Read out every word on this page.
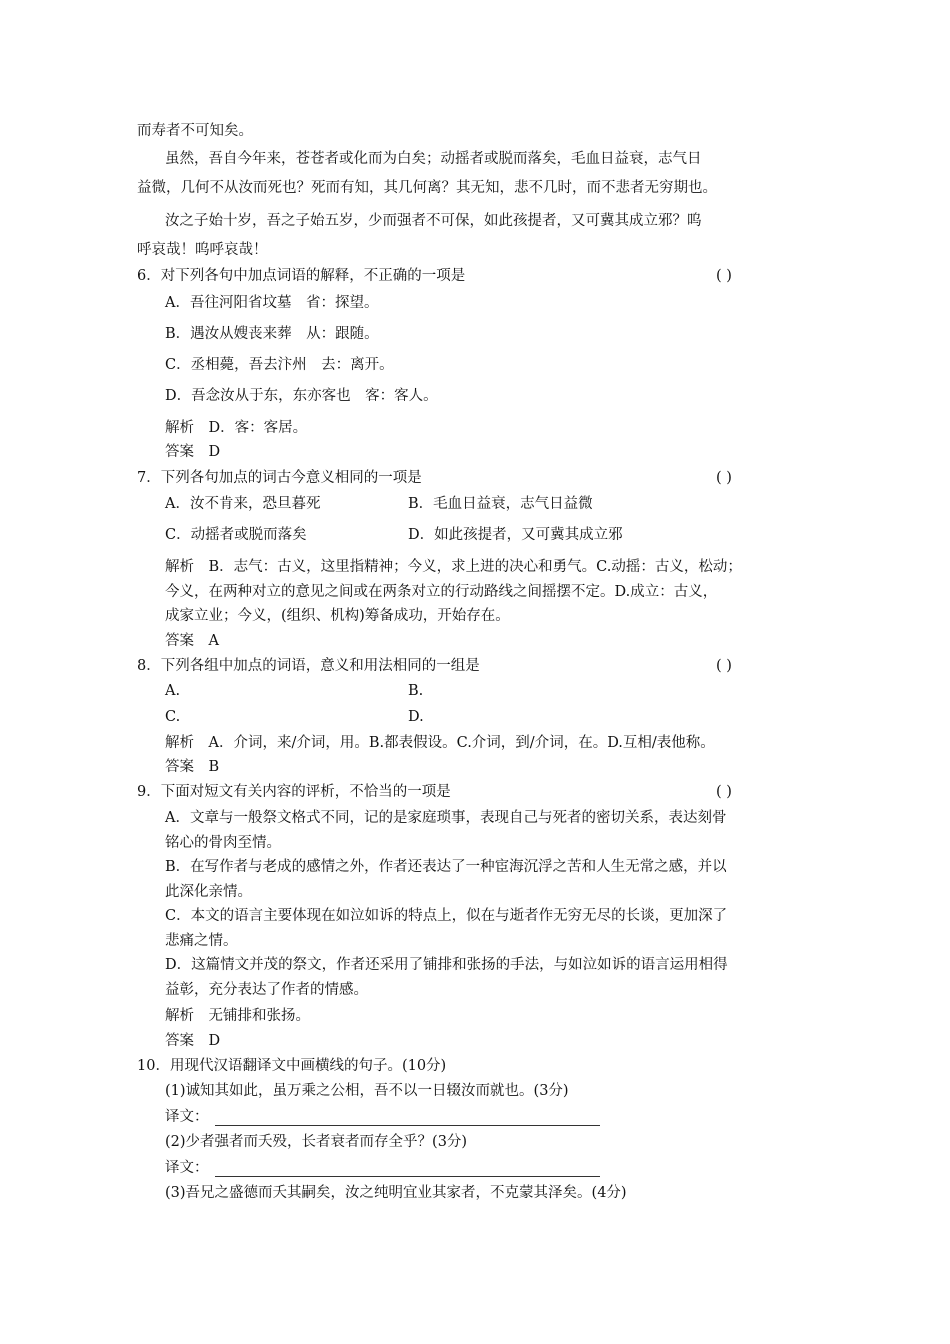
而寿者不可知矣。
虽然，吾自今年来，苍苍者或化而为白矣；动摇者或脱而落矣，毛血日益衰，志气日
益微，几何不从汝而死也？死而有知，其几何离？其无知，悲不几时，而不悲者无穷期也。
汝之子始十岁，吾之子始五岁，少而强者不可保，如此孩提者，又可冀其成立邪？呜
呼哀哉！呜呼哀哉！
6．对下列各句中加点词语的解释，不正确的一项是	( )
A．吾往河阳省坟墓　省：探望。
B．遇汝从嫂丧来葬　从：跟随。
C．丞相薨，吾去汴州　去：离开。
D．吾念汝从于东，东亦客也　客：客人。
解析　D．客：客居。
答案　D
7．下列各句加点的词古今意义相同的一项是	( )
A．汝不肯来，恐旦暮死	B．毛血日益衰，志气日益微
C．动摇者或脱而落矣	D．如此孩提者，又可冀其成立邪
解析　B．志气：古义，这里指精神；今义，求上进的决心和勇气。C.动摇：古义，松动；
今义，在两种对立的意见之间或在两条对立的行动路线之间摇摆不定。D.成立：古义，
成家立业；今义，(组织、机构)筹备成功，开始存在。
答案　A
8．下列各组中加点的词语，意义和用法相同的一组是	( )
A.	B.
C.	D.
解析　A．介词，来/介词，用。B.都表假设。C.介词，到/介词，在。D.互相/表他称。
答案　B
9．下面对短文有关内容的评析，不恰当的一项是	( )
A．文章与一般祭文格式不同，记的是家庭琐事，表现自己与死者的密切关系，表达刻骨
铭心的骨肉至情。
B．在写作者与老成的感情之外，作者还表达了一种宦海沉浮之苦和人生无常之感，并以
此深化亲情。
C．本文的语言主要体现在如泣如诉的特点上，似在与逝者作无穷无尽的长谈，更加深了
悲痛之情。
D．这篇情文并茂的祭文，作者还采用了铺排和张扬的手法，与如泣如诉的语言运用相得
益彰，充分表达了作者的情感。
解析　无铺排和张扬。
答案　D
10．用现代汉语翻译文中画横线的句子。(10分)
(1)诚知其如此，虽万乘之公相，吾不以一日辍汝而就也。(3分)
译文：
(2)少者强者而夭殁，长者衰者而存全乎？(3分)
译文：
(3)吾兄之盛德而夭其嗣矣，汝之纯明宜业其家者，不克蒙其泽矣。(4分)
